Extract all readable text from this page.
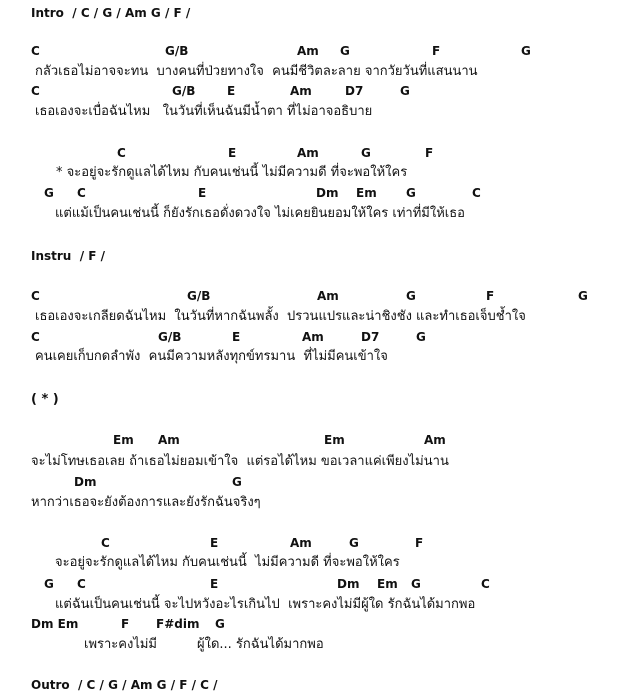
Intro  / C / G / Am G / F /
C	G/B	Am G	F	G
กลัวเธอไม่อาจจะทน  บางคนที่ป่วยทางใจ  คนมีชีวิตละลาย จากวัยวันที่แสนนาน
C	G/B	E	Am	D7	G
เธอเองจะเบื่อฉันไหม   ในวันที่เห็นฉันมีน้ำตา ที่ไม่อาจอธิบาย
C	E	Am	G	F
* จะอยู่จะรักดูแลได้ไหม กับคนเช่นนี้ ไม่มีความดี ที่จะพอให้ใคร
G C	E	Dm Em G	C
แต่แม้เป็นคนเช่นนี้ ก็ยังรักเธอดั่งดวงใจ ไม่เคยยินยอมให้ใคร เท่าที่มีให้เธอ
Instru  / F /
C	G/B	Am	G	F	G
เธอเองจะเกลียดฉันไหม  ในวันที่หากฉันพลั้ง  ปรวนแปรและน่าชิงชัง และทำเธอเจ็บช้ำใจ
C	G/B	E	Am	D7	G
คนเคยเก็บกดลำพัง  คนมีความหลังทุกข์ทรมาน  ที่ไม่มีคนเข้าใจ
( * )
Em Am	Em	Am
จะไม่โทษเธอเลย ถ้าเธอไม่ยอมเข้าใจ  แต่รอได้ไหม ขอเวลาแค่เพียงไม่นาน
Dm	G
หากว่าเธอจะยังต้องการและยังรักฉันจริงๆ
C	E	Am	G	F
จะอยู่จะรักดูแลได้ไหม กับคนเช่นนี้  ไม่มีความดี ที่จะพอให้ใคร
G C	E	Dm Em G	C
แต่ฉันเป็นคนเช่นนี้ จะไปหวังอะไรเกินไป  เพราะคงไม่มีผู้ใด รักฉันได้มากพอ
Dm Em	F F#dim G
เพราะคงไม่มี	ผู้ใด... รักฉันได้มากพอ
Outro  / C / G / Am G / F / C /
